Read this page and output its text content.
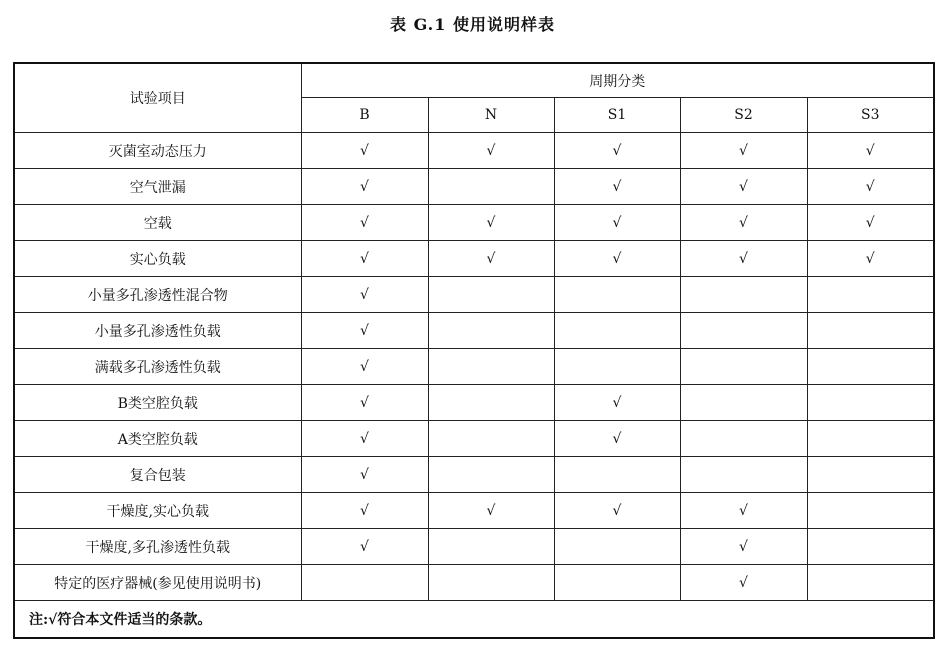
表 G.1 使用说明样表
试验项目	周期分类				
	B	N	S1	S2	S3
灭菌室动态压力	√	√	√	√	√
空气泄漏	√		√	√	√
空载	√	√	√	√	√
实心负载	√	√	√	√	√
小量多孔渗透性混合物	√				
小量多孔渗透性负载	√				
满载多孔渗透性负载	√				
B类空腔负载	√		√		
A类空腔负载	√		√		
复合包装	√				
干燥度,实心负载	√	√	√	√	
干燥度,多孔渗透性负载	√			√	
特定的医疗器械(参见使用说明书)				√	
注:√符合本文件适当的条款。					
